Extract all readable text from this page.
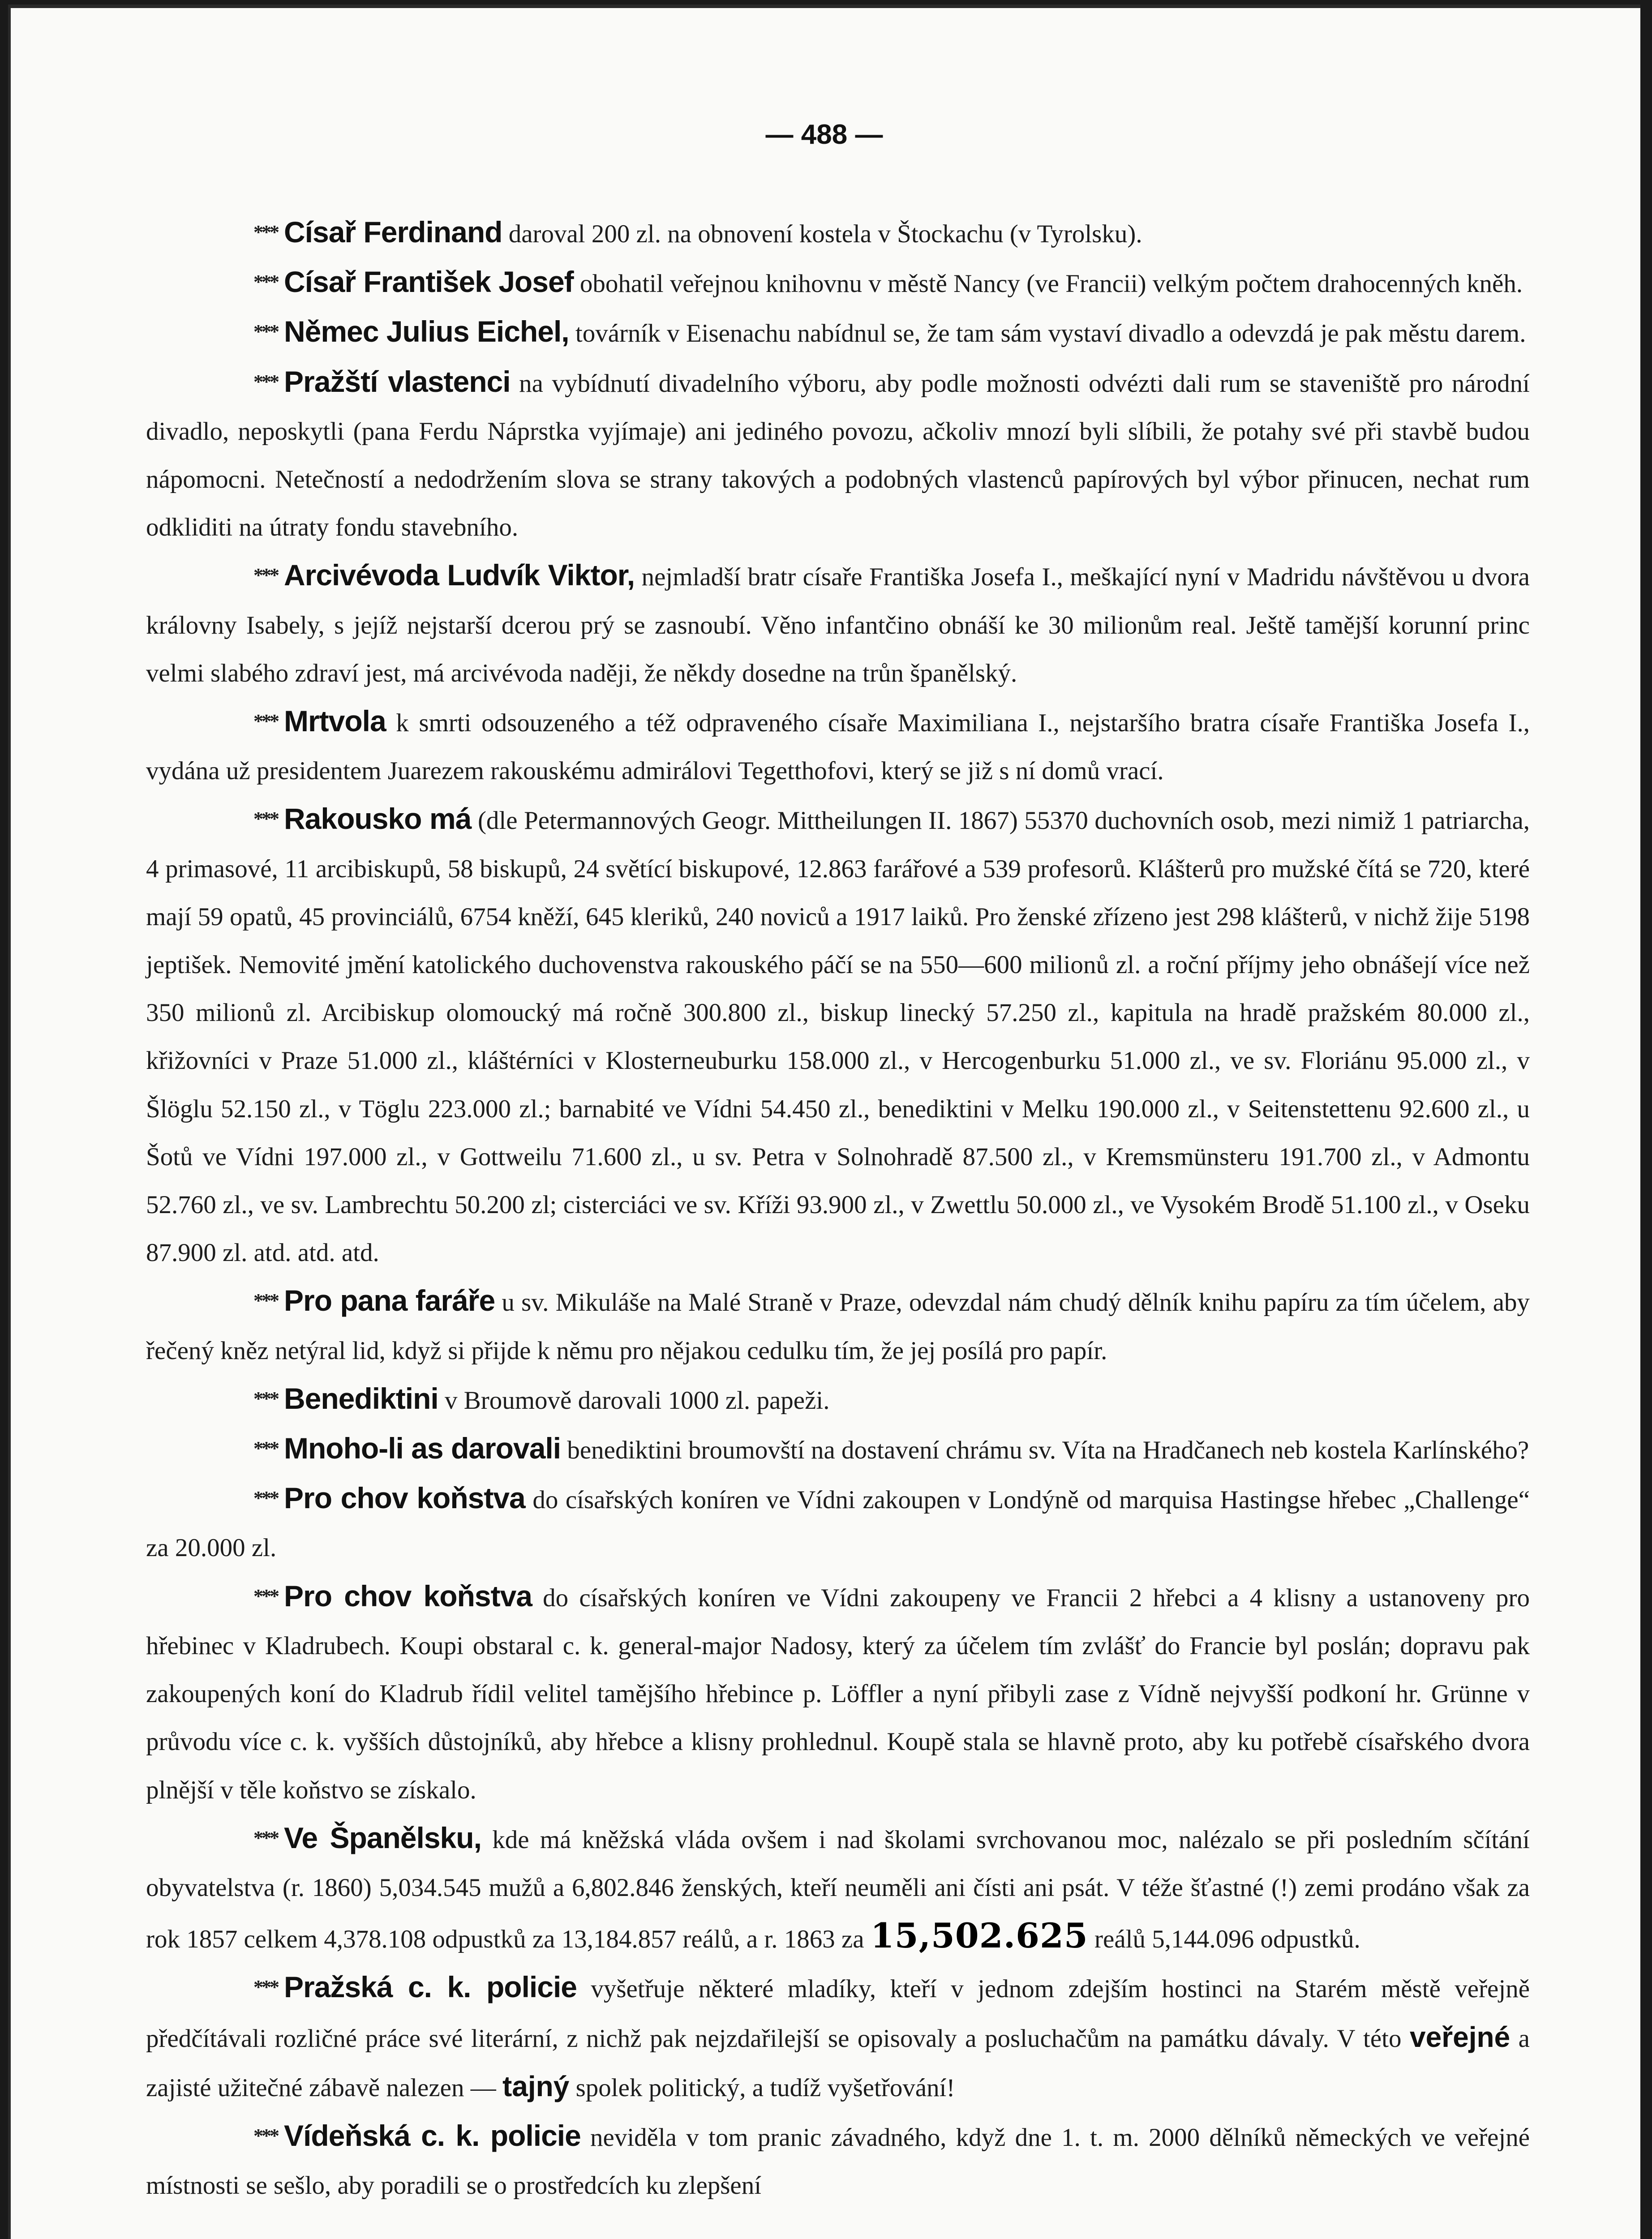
— 488 —

*** Císař Ferdinand daroval 200 zl. na obnovení kostela v Štockachu (v Tyrolsku).

*** Císař František Josef obohatil veřejnou knihovnu v městě Nancy (ve Francii) velkým počtem drahocenných kněh.

*** Němec Julius Eichel, továrník v Eisenachu nabídnul se, že tam sám vystaví divadlo a odevzdá je pak městu darem.

*** Pražští vlastenci na vybídnutí divadelního výboru, aby podle možnosti odvézti dali rum se staveniště pro národní divadlo, neposkytli (pana Ferdu Náprstka vyjímaje) ani jediného povozu, ačkoliv mnozí byli slíbili, že potahy své při stavbě budou nápomocni. Netečností a nedodržením slova se strany takových a podobných vlastenců papírových byl výbor přinucen, nechat rum odkliditi na útraty fondu stavebního.

*** Arcivévoda Ludvík Viktor, nejmladší bratr císaře Františka Josefa I., meškající nyní v Madridu návštěvou u dvora královny Isabely, s jejíž nejstarší dcerou prý se zasnoubí. Věno infantčino obnáší ke 30 milionům real. Ještě tamější korunní princ velmi slabého zdraví jest, má arcivévoda naději, že někdy dosedne na trůn španělský.

*** Mrtvola k smrti odsouzeného a též odpraveného císaře Maximiliana I., nejstaršího bratra císaře Františka Josefa I., vydána už presidentem Juarezem rakouskému admirálovi Tegetthofovi, který se již s ní domů vrací.

*** Rakousko má (dle Petermannových Geogr. Mittheilungen II. 1867) 55370 duchovních osob, mezi nimiž 1 patriarcha, 4 primasové, 11 arcibiskupů, 58 biskupů, 24 světící biskupové, 12.863 farářové a 539 profesorů. Klášterů pro mužské čítá se 720, které mají 59 opatů, 45 provinciálů, 6754 kněží, 645 kleriků, 240 noviců a 1917 laiků. Pro ženské zřízeno jest 298 klášterů, v nichž žije 5198 jeptišek. Nemovité jmění katolického duchovenstva rakouského páčí se na 550—600 milionů zl. a roční příjmy jeho obnášejí více než 350 milionů zl. Arcibiskup olomoucký má ročně 300.800 zl., biskup linecký 57.250 zl., kapitula na hradě pražském 80.000 zl., křižovníci v Praze 51.000 zl., kláštérníci v Klosterneuburku 158.000 zl., v Hercogenburku 51.000 zl., ve sv. Floriánu 95.000 zl., v Šlöglu 52.150 zl., v Töglu 223.000 zl.; barnabité ve Vídni 54.450 zl., benediktini v Melku 190.000 zl., v Seitenstettenu 92.600 zl., u Šotů ve Vídni 197.000 zl., v Gottweilu 71.600 zl., u sv. Petra v Solnohradě 87.500 zl., v Kremsmünsteru 191.700 zl., v Admontu 52.760 zl., ve sv. Lambrechtu 50.200 zl; cisterciáci ve sv. Kříži 93.900 zl., v Zwettlu 50.000 zl., ve Vysokém Brodě 51.100 zl., v Oseku 87.900 zl. atd. atd. atd.

*** Pro pana faráře u sv. Mikuláše na Malé Straně v Praze, odevzdal nám chudý dělník knihu papíru za tím účelem, aby řečený kněz netýral lid, když si přijde k němu pro nějakou cedulku tím, že jej posílá pro papír.

*** Benediktini v Broumově darovali 1000 zl. papeži.

*** Mnoho-li as darovali benediktini broumovští na dostavení chrámu sv. Víta na Hradčanech neb kostela Karlínského?

*** Pro chov koňstva do císařských koníren ve Vídni zakoupen v Londýně od marquisa Hastingse hřebec „Challenge“ za 20.000 zl.

*** Pro chov koňstva do císařských koníren ve Vídni zakoupeny ve Francii 2 hřebci a 4 klisny a ustanoveny pro hřebinec v Kladrubech. Koupi obstaral c. k. general-major Nadosy, který za účelem tím zvlášť do Francie byl poslán; dopravu pak zakoupených koní do Kladrub řídil velitel tamějšího hřebince p. Löffler a nyní přibyli zase z Vídně nejvyšší podkoní hr. Grünne v průvodu více c. k. vyšších důstojníků, aby hřebce a klisny prohlednul. Koupě stala se hlavně proto, aby ku potřebě císařského dvora plnější v těle koňstvo se získalo.

*** Ve Španělsku, kde má kněžská vláda ovšem i nad školami svrchovanou moc, nalézalo se při posledním sčítání obyvatelstva (r. 1860) 5,034.545 mužů a 6,802.846 ženských, kteří neuměli ani čísti ani psát. V téže šťastné (!) zemi prodáno však za rok 1857 celkem 4,378.108 odpustků za 13,184.857 reálů, a r. 1863 za 15,502.625 reálů 5,144.096 odpustků.

*** Pražská c. k. policie vyšetřuje některé mladíky, kteří v jednom zdejším hostinci na Starém městě veřejně předčítávali rozličné práce své literární, z nichž pak nejzdařilejší se opisovaly a posluchačům na památku dávaly. V této veřejné a zajisté užitečné zábavě nalezen — tajný spolek politický, a tudíž vyšetřování!

*** Vídeňská c. k. policie neviděla v tom pranic závadného, když dne 1. t. m. 2000 dělníků německých ve veřejné místnosti se sešlo, aby poradili se o prostředcích ku zlepšení
